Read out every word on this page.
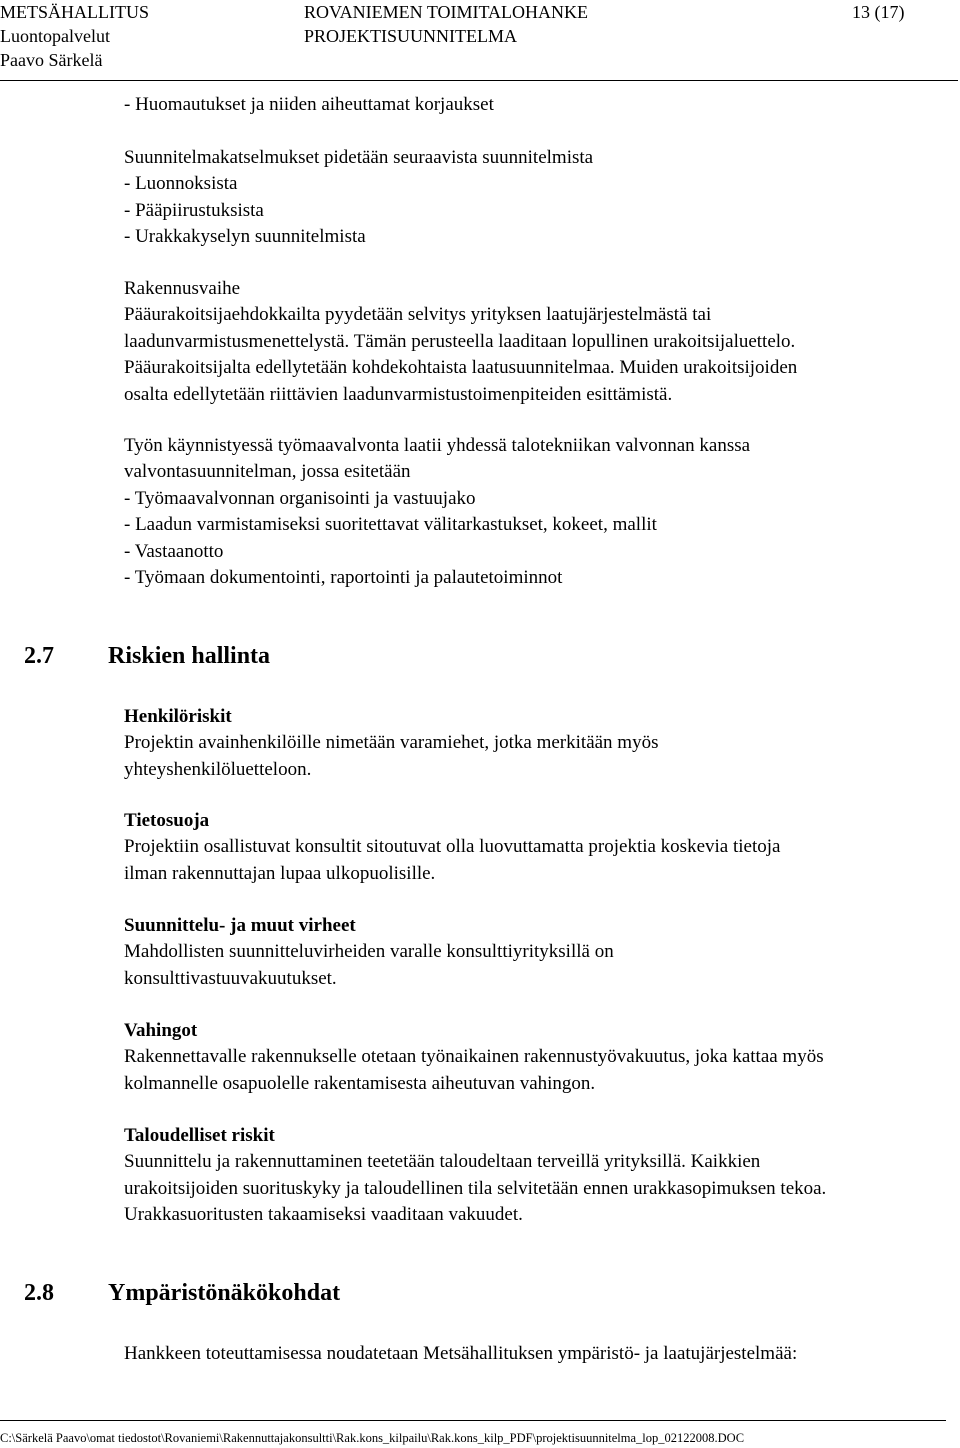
METSÄHALLITUS
Luontopalvelut
Paavo Särkelä
ROVANIEMEN TOIMITALOHANKE
PROJEKTISUUNNITELMA
13 (17)
- Huomautukset ja niiden aiheuttamat korjaukset
Suunnitelmakatselmukset pidetään seuraavista suunnitelmista
- Luonnoksista
- Pääpiirustuksista
- Urakkakyselyn suunnitelmista
Rakennusvaihe
Pääurakoitsijaehdokkailta pyydetään selvitys yrityksen laatujärjestelmästä tai
laadunvarmistusmenettelystä. Tämän perusteella laaditaan lopullinen urakoitsijaluettelo.
Pääurakoitsijalta edellytetään kohdekohtaista laatusuunnitelmaa. Muiden urakoitsijoiden
osalta edellytetään riittävien laadunvarmistustoimenpiteiden esittämistä.
Työn käynnistyessä työmaavalvonta laatii yhdessä talotekniikan valvonnan kanssa
valvontasuunnitelman, jossa esitetään
- Työmaavalvonnan organisointi ja vastuujako
- Laadun varmistamiseksi suoritettavat välitarkastukset, kokeet, mallit
- Vastaanotto
- Työmaan dokumentointi, raportointi ja palautetoiminnot
2.7 Riskien hallinta
Henkilöriskit
Projektin avainhenkilöille nimetään varamiehet, jotka merkitään myös
yhteyshenkilöluetteloon.
Tietosuoja
Projektiin osallistuvat konsultit sitoutuvat olla luovuttamatta projektia koskevia tietoja
ilman rakennuttajan lupaa ulkopuolisille.
Suunnittelu- ja muut virheet
Mahdollisten suunnitteluvirheiden varalle konsulttiyrityksillä on
konsulttivastuuvakuutukset.
Vahingot
Rakennettavalle rakennukselle otetaan työnaikainen rakennustyövakuutus, joka kattaa myös
kolmannelle osapuolelle rakentamisesta aiheutuvan vahingon.
Taloudelliset riskit
Suunnittelu ja rakennuttaminen teetetään taloudeltaan terveillä yrityksillä. Kaikkien
urakoitsijoiden suorituskyky ja taloudellinen tila selvitetään ennen urakkasopimuksen tekoa.
Urakkasuoritusten takaamiseksi vaaditaan vakuudet.
2.8 Ympäristönäkökohdat
Hankkeen toteuttamisessa noudatetaan Metsähallituksen ympäristö- ja laatujärjestelmää:
C:\Särkelä Paavo\omat tiedostot\Rovaniemi\Rakennuttajakonsultti\Rak.kons_kilpailu\Rak.kons_kilp_PDF\projektisuunnitelma_lop_02122008.DOC
